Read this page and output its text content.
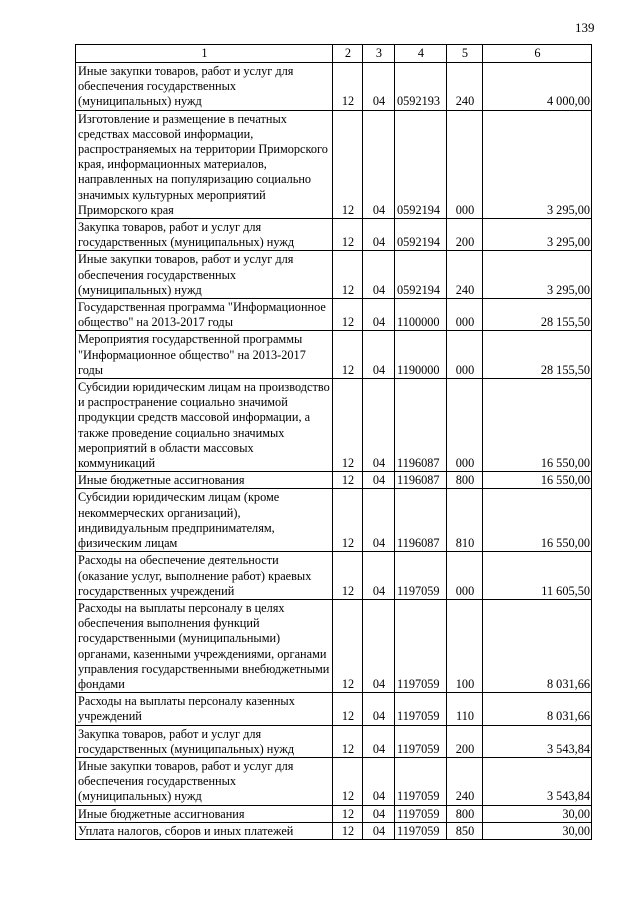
139
1	2	3	4	5	6
Иные закупки товаров, работ и услуг для обеспечения государственных (муниципальных) нужд	12	04	0592193	240	4 000,00
Изготовление и размещение в печатных средствах массовой информации, распространяемых на территории Приморского края, информационных материалов, направленных на популяризацию социально значимых культурных мероприятий Приморского края	12	04	0592194	000	3 295,00
Закупка товаров, работ и услуг для государственных (муниципальных) нужд	12	04	0592194	200	3 295,00
Иные закупки товаров, работ и услуг для обеспечения государственных (муниципальных) нужд	12	04	0592194	240	3 295,00
Государственная программа "Информационное общество" на 2013-2017 годы	12	04	1100000	000	28 155,50
Мероприятия государственной программы "Информационное общество" на 2013-2017 годы	12	04	1190000	000	28 155,50
Субсидии юридическим лицам на производство и распространение социально значимой продукции средств массовой информации, а также проведение социально значимых мероприятий в области массовых коммуникаций	12	04	1196087	000	16 550,00
Иные бюджетные ассигнования	12	04	1196087	800	16 550,00
Субсидии юридическим лицам (кроме некоммерческих организаций), индивидуальным предпринимателям, физическим лицам	12	04	1196087	810	16 550,00
Расходы на обеспечение деятельности (оказание услуг, выполнение работ) краевых государственных учреждений	12	04	1197059	000	11 605,50
Расходы на выплаты персоналу в целях обеспечения выполнения функций государственными (муниципальными) органами, казенными учреждениями, органами управления государственными внебюджетными фондами	12	04	1197059	100	8 031,66
Расходы на выплаты персоналу казенных учреждений	12	04	1197059	110	8 031,66
Закупка товаров, работ и услуг для государственных (муниципальных) нужд	12	04	1197059	200	3 543,84
Иные закупки товаров, работ и услуг для обеспечения государственных (муниципальных) нужд	12	04	1197059	240	3 543,84
Иные бюджетные ассигнования	12	04	1197059	800	30,00
Уплата налогов, сборов и иных платежей	12	04	1197059	850	30,00
